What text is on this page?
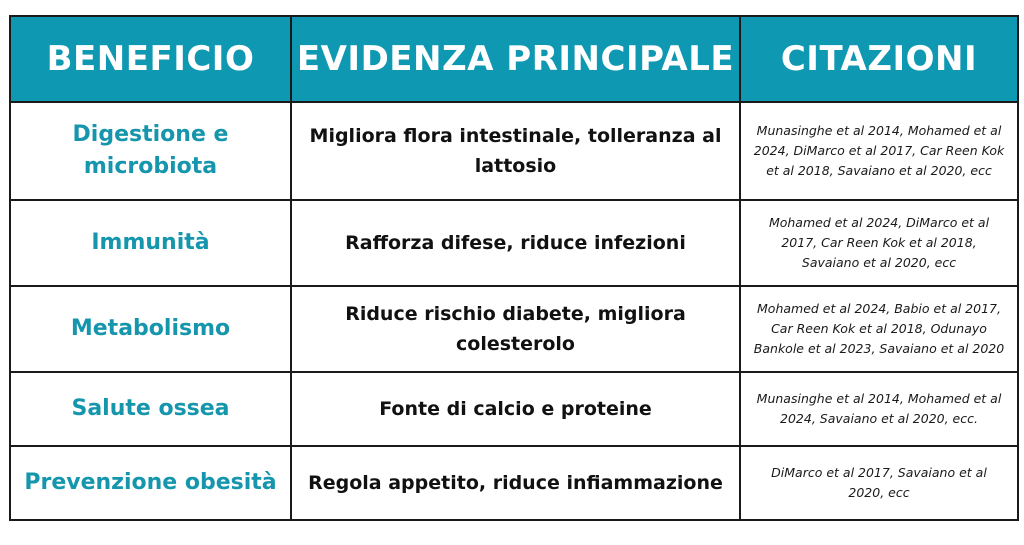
BENEFICIO	EVIDENZA PRINCIPALE	CITAZIONI
Digestione e microbiota	Migliora flora intestinale, tolleranza al lattosio	Munasinghe et al 2014, Mohamed et al 2024, DiMarco et al 2017, Car Reen Kok et al 2018, Savaiano et al 2020, ecc
Immunità	Rafforza difese, riduce infezioni	Mohamed et al 2024, DiMarco et al 2017, Car Reen Kok et al 2018, Savaiano et al 2020, ecc
Metabolismo	Riduce rischio diabete, migliora colesterolo	Mohamed et al 2024, Babio et al 2017, Car Reen Kok et al 2018, Odunayo Bankole et al 2023, Savaiano et al 2020
Salute ossea	Fonte di calcio e proteine	Munasinghe et al 2014, Mohamed et al 2024, Savaiano et al 2020, ecc.
Prevenzione obesità	Regola appetito, riduce infiammazione	DiMarco et al 2017, Savaiano et al 2020, ecc
